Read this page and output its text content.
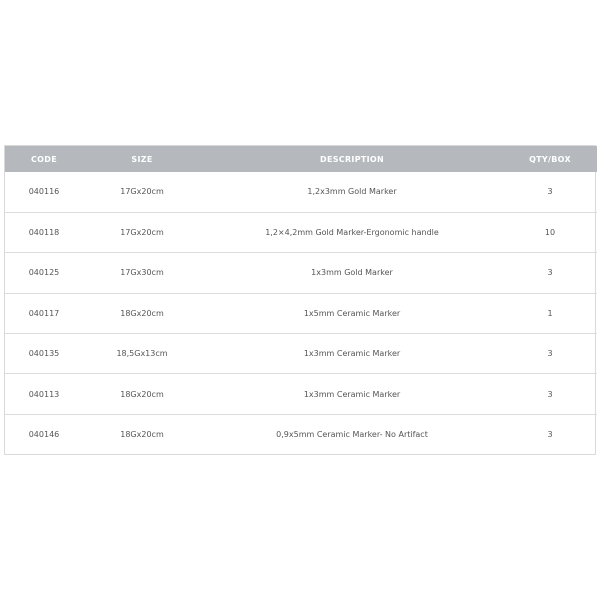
CODE	SIZE	DESCRIPTION	QTY/BOX
040116	17Gx20cm	1,2x3mm Gold Marker	3
040118	17Gx20cm	1,2×4,2mm Gold Marker-Ergonomic handle	10
040125	17Gx30cm	1x3mm Gold Marker	3
040117	18Gx20cm	1x5mm Ceramic Marker	1
040135	18,5Gx13cm	1x3mm Ceramic Marker	3
040113	18Gx20cm	1x3mm Ceramic Marker	3
040146	18Gx20cm	0,9x5mm Ceramic Marker- No Artifact	3
